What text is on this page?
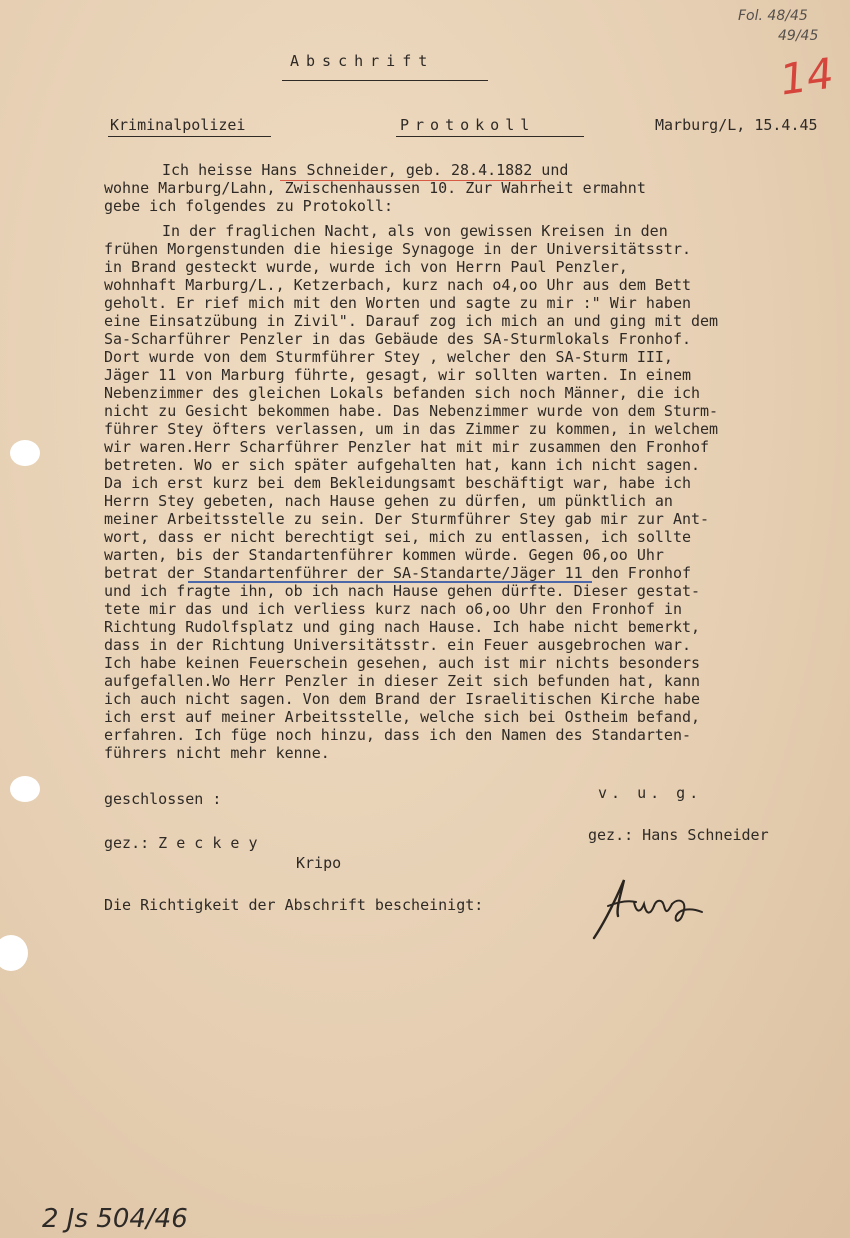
Fol. 48/45
49/45
14

Abschrift

Kriminalpolizei	Protokoll	Marburg/L, 15.4.45

Ich heisse Hans Schneider, geb. 28.4.1882 und

wohne Marburg/Lahn, Zwischenhaussen 10. Zur Wahrheit ermahnt

gebe ich folgendes zu Protokoll:

In der fraglichen Nacht, als von gewissen Kreisen in den

frühen Morgenstunden die hiesige Synagoge in der Universitätsstr.

in Brand gesteckt wurde, wurde ich von Herrn Paul Penzler,

wohnhaft Marburg/L., Ketzerbach, kurz nach o4,oo Uhr aus dem Bett

geholt. Er rief mich mit den Worten und sagte zu mir :" Wir haben

eine Einsatzübung in Zivil". Darauf zog ich mich an und ging mit dem

Sa-Scharführer Penzler in das Gebäude des SA-Sturmlokals Fronhof.

Dort wurde von dem Sturmführer Stey , welcher den SA-Sturm III,

Jäger 11 von Marburg führte, gesagt, wir sollten warten. In einem

Nebenzimmer des gleichen Lokals befanden sich noch Männer, die ich

nicht zu Gesicht bekommen habe. Das Nebenzimmer wurde von dem Sturm-

führer Stey öfters verlassen, um in das Zimmer zu kommen, in welchem

wir waren.Herr Scharführer Penzler hat mit mir zusammen den Fronhof

betreten. Wo er sich später aufgehalten hat, kann ich nicht sagen.

Da ich erst kurz bei dem Bekleidungsamt beschäftigt war, habe ich

Herrn Stey gebeten, nach Hause gehen zu dürfen, um pünktlich an

meiner Arbeitsstelle zu sein. Der Sturmführer Stey gab mir zur Ant-

wort, dass er nicht berechtigt sei, mich zu entlassen, ich sollte

warten, bis der Standartenführer kommen würde. Gegen 06,oo Uhr

betrat der Standartenführer der SA-Standarte/Jäger 11 den Fronhof

und ich fragte ihn, ob ich nach Hause gehen dürfte. Dieser gestat-

tete mir das und ich verliess kurz nach o6,oo Uhr den Fronhof in

Richtung Rudolfsplatz und ging nach Hause. Ich habe nicht bemerkt,

dass in der Richtung Universitätsstr. ein Feuer ausgebrochen war.

Ich habe keinen Feuerschein gesehen, auch ist mir nichts besonders

aufgefallen.Wo Herr Penzler in dieser Zeit sich befunden hat, kann

ich auch nicht sagen. Von dem Brand der Israelitischen Kirche habe

ich erst auf meiner Arbeitsstelle, welche sich bei Ostheim befand,

erfahren. Ich füge noch hinzu, dass ich den Namen des Standarten-

führers nicht mehr kenne.

geschlossen :	v. u. g.

gez.: Z e c k e y

Kripo

gez.: Hans Schneider

Die Richtigkeit der Abschrift bescheinigt:

2 Js 504/46
